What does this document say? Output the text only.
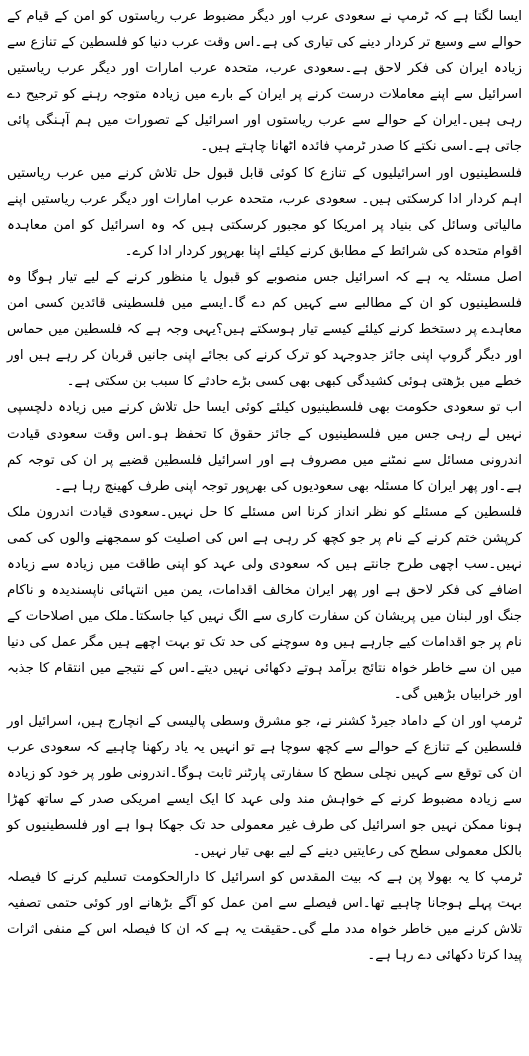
ایسا لگتا ہے کہ ٹرمپ نے سعودی عرب اور دیگر مضبوط عرب ریاستوں کو امن کے قیام کے حوالے سے وسیع تر کردار دینے کی تیاری کی ہے۔اس وقت عرب دنیا کو فلسطین کے تنازع سے زیادہ ایران کی فکر لاحق ہے۔سعودی عرب، متحدہ عرب امارات اور دیگر عرب ریاستیں اسرائیل سے اپنے معاملات درست کرنے پر ایران کے بارے میں زیادہ متوجہ رہنے کو ترجیح دے رہی ہیں۔ایران کے حوالے سے عرب ریاستوں اور اسرائیل کے تصورات میں ہم آہنگی پائی جاتی ہے۔اسی نکتے کا صدر ٹرمپ فائدہ اٹھانا چاہتے ہیں۔

فلسطینیوں اور اسرائیلیوں کے تنازع کا کوئی قابل قبول حل تلاش کرنے میں عرب ریاستیں اہم کردار ادا کرسکتی ہیں۔ سعودی عرب، متحدہ عرب امارات اور دیگر عرب ریاستیں اپنے مالیاتی وسائل کی بنیاد پر امریکا کو مجبور کرسکتی ہیں کہ وہ اسرائیل کو امن معاہدہ اقوام متحدہ کی شرائط کے مطابق کرنے کیلئے اپنا بھرپور کردار ادا کرے۔

اصل مسئلہ یہ ہے کہ اسرائیل جس منصوبے کو قبول یا منظور کرنے کے لیے تیار ہوگا وہ فلسطینیوں کو ان کے مطالبے سے کہیں کم دے گا۔ایسے میں فلسطینی قائدین کسی امن معاہدے پر دستخط کرنے کیلئے کیسے تیار ہوسکتے ہیں؟یہی وجہ ہے کہ فلسطین میں حماس اور دیگر گروپ اپنی جائز جدوجہد کو ترک کرنے کی بجائے اپنی جانیں قربان کر رہے ہیں اور خطے میں بڑھتی ہوئی کشیدگی کبھی بھی کسی بڑے حادثے کا سبب بن سکتی ہے۔

اب تو سعودی حکومت بھی فلسطینیوں کیلئے کوئی ایسا حل تلاش کرنے میں زیادہ دلچسپی نہیں لے رہی جس میں فلسطینیوں کے جائز حقوق کا تحفظ ہو۔اس وقت سعودی قیادت اندرونی مسائل سے نمٹنے میں مصروف ہے اور اسرائیل فلسطین قضیے پر ان کی توجہ کم ہے۔اور پھر ایران کا مسئلہ بھی سعودیوں کی بھرپور توجہ اپنی طرف کھینچ رہا ہے۔

فلسطین کے مسئلے کو نظر انداز کرنا اس مسئلے کا حل نہیں۔سعودی قیادت اندرون ملک کرپشن ختم کرنے کے نام پر جو کچھ کر رہی ہے اس کی اصلیت کو سمجھنے والوں کی کمی نہیں۔سب اچھی طرح جانتے ہیں کہ سعودی ولی عہد کو اپنی طاقت میں زیادہ سے زیادہ اضافے کی فکر لاحق ہے اور پھر ایران مخالف اقدامات، یمن میں انتہائی ناپسندیدہ و ناکام جنگ اور لبنان میں پریشان کن سفارت کاری سے الگ نہیں کیا جاسکتا۔ملک میں اصلاحات کے نام پر جو اقدامات کیے جارہے ہیں وہ سوچنے کی حد تک تو بہت اچھے ہیں مگر عمل کی دنیا میں ان سے خاطر خواہ نتائج برآمد ہوتے دکھائی نہیں دیتے۔اس کے نتیجے میں انتقام کا جذبہ اور خرابیاں بڑھیں گی۔

ٹرمپ اور ان کے داماد جیرڈ کشنر نے، جو مشرق وسطی پالیسی کے انچارج ہیں، اسرائیل اور فلسطین کے تنازع کے حوالے سے کچھ سوچا ہے تو انہیں یہ یاد رکھنا چاہیے کہ سعودی عرب ان کی توقع سے کہیں نچلی سطح کا سفارتی پارٹنر ثابت ہوگا۔اندرونی طور پر خود کو زیادہ سے زیادہ مضبوط کرنے کے خواہش مند ولی عہد کا ایک ایسے امریکی صدر کے ساتھ کھڑا ہونا ممکن نہیں جو اسرائیل کی طرف غیر معمولی حد تک جھکا ہوا ہے اور فلسطینیوں کو بالکل معمولی سطح کی رعایتیں دینے کے لیے بھی تیار نہیں۔

ٹرمپ کا یہ بھولا پن ہے کہ بیت المقدس کو اسرائیل کا دارالحکومت تسلیم کرنے کا فیصلہ بہت پہلے ہوجانا چاہیے تھا۔اس فیصلے سے امن عمل کو آگے بڑھانے اور کوئی حتمی تصفیہ تلاش کرنے میں خاطر خواہ مدد ملے گی۔حقیقت یہ ہے کہ ان کا فیصلہ اس کے منفی اثرات پیدا کرتا دکھائی دے رہا ہے۔
